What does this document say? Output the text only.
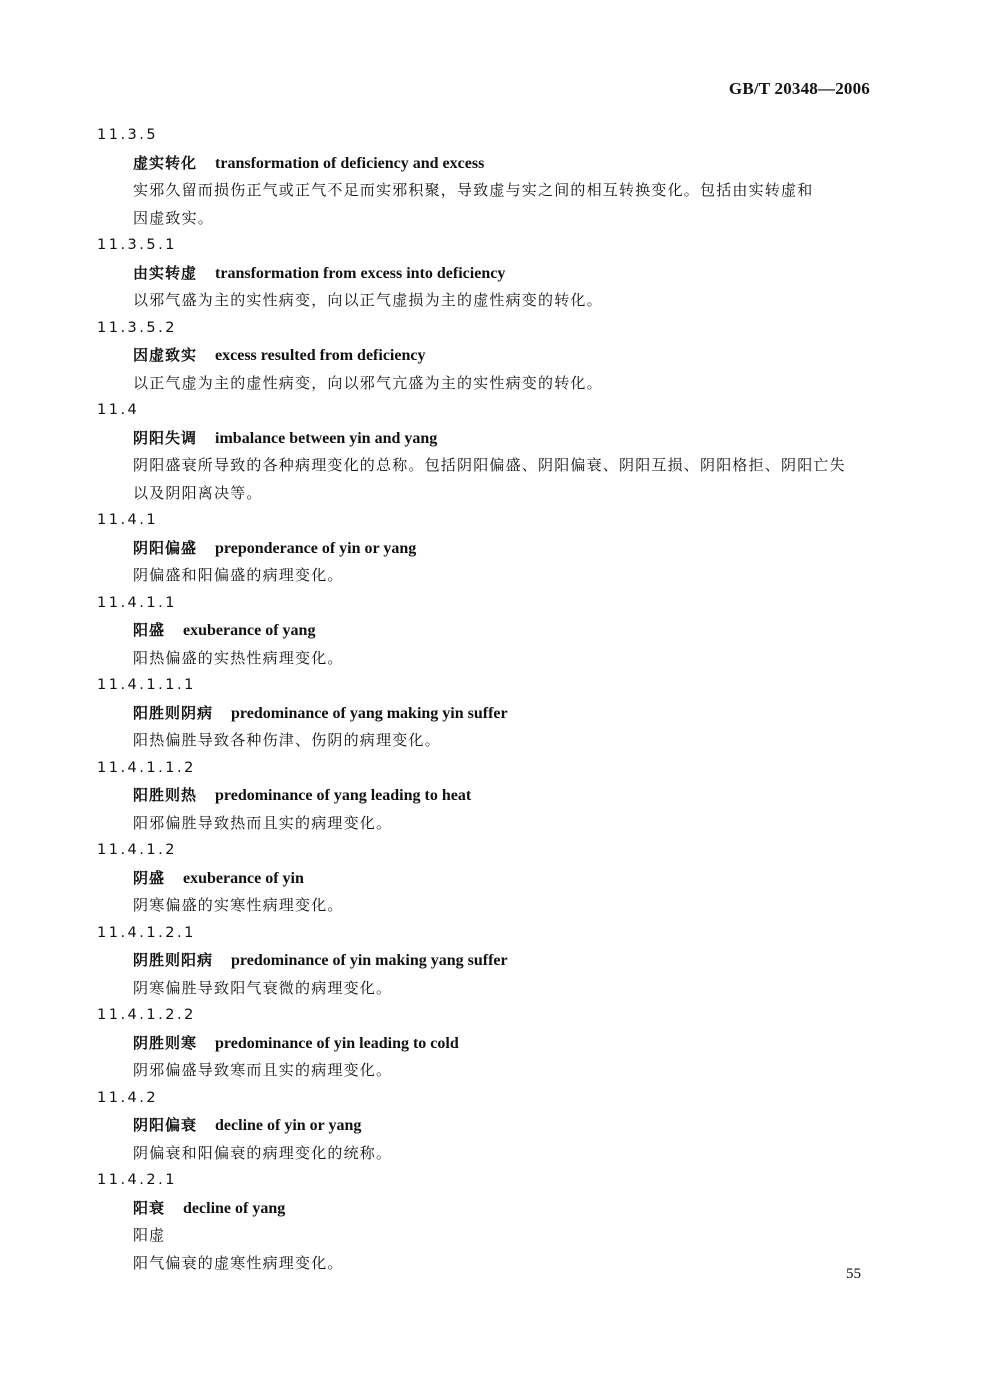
GB/T 20348—2006
11.3.5
虚实转化 transformation of deficiency and excess
实邪久留而损伤正气或正气不足而实邪积聚，导致虚与实之间的相互转换变化。包括由实转虚和
因虚致实。
11.3.5.1
由实转虚 transformation from excess into deficiency
以邪气盛为主的实性病变，向以正气虚损为主的虚性病变的转化。
11.3.5.2
因虚致实 excess resulted from deficiency
以正气虚为主的虚性病变，向以邪气亢盛为主的实性病变的转化。
11.4
阴阳失调 imbalance between yin and yang
阴阳盛衰所导致的各种病理变化的总称。包括阴阳偏盛、阴阳偏衰、阴阳互损、阴阳格拒、阴阳亡失
以及阴阳离决等。
11.4.1
阴阳偏盛 preponderance of yin or yang
阴偏盛和阳偏盛的病理变化。
11.4.1.1
阳盛 exuberance of yang
阳热偏盛的实热性病理变化。
11.4.1.1.1
阳胜则阴病 predominance of yang making yin suffer
阳热偏胜导致各种伤津、伤阴的病理变化。
11.4.1.1.2
阳胜则热 predominance of yang leading to heat
阳邪偏胜导致热而且实的病理变化。
11.4.1.2
阴盛 exuberance of yin
阴寒偏盛的实寒性病理变化。
11.4.1.2.1
阴胜则阳病 predominance of yin making yang suffer
阴寒偏胜导致阳气衰微的病理变化。
11.4.1.2.2
阴胜则寒 predominance of yin leading to cold
阴邪偏盛导致寒而且实的病理变化。
11.4.2
阴阳偏衰 decline of yin or yang
阴偏衰和阳偏衰的病理变化的统称。
11.4.2.1
阳衰 decline of yang
阳虚
阳气偏衰的虚寒性病理变化。
55
